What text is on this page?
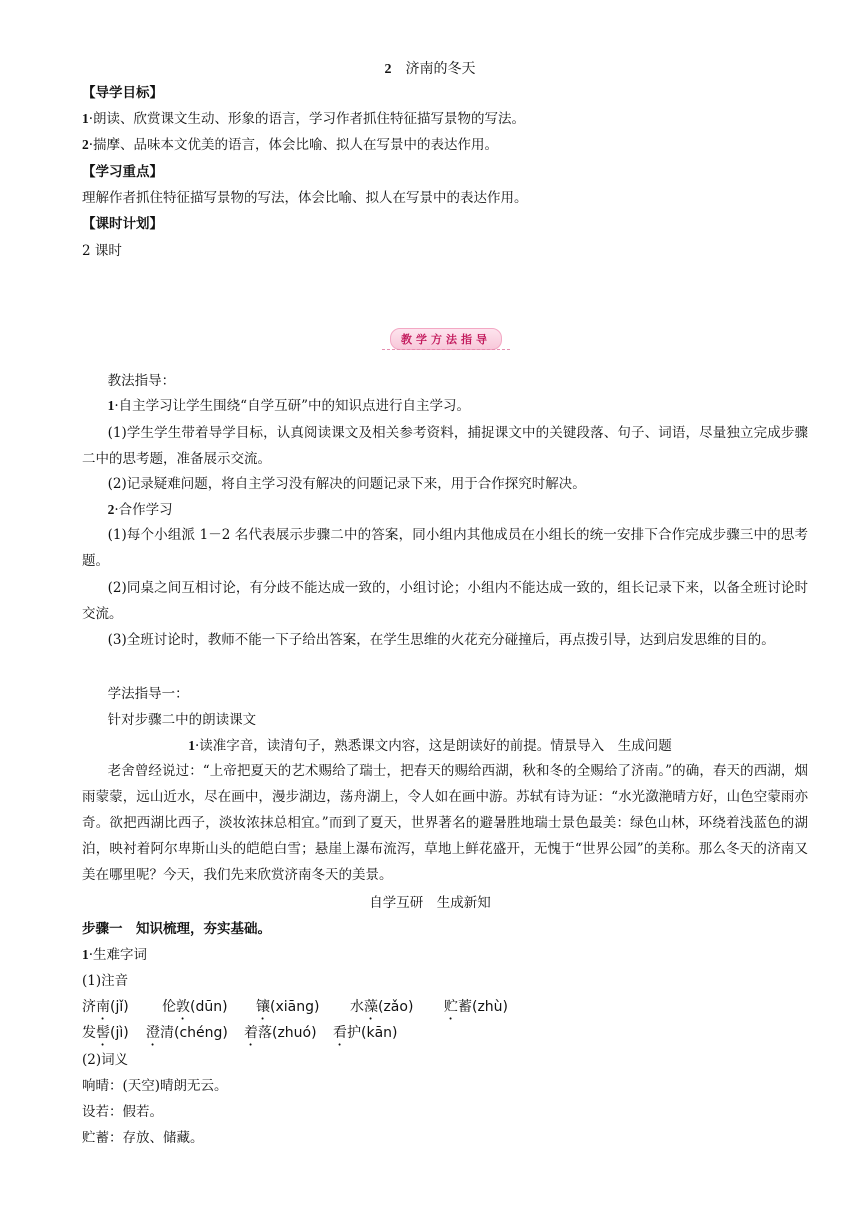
2 济南的冬天
【导学目标】
1·朗读、欣赏课文生动、形象的语言，学习作者抓住特征描写景物的写法。
2·揣摩、品味本文优美的语言，体会比喻、拟人在写景中的表达作用。
【学习重点】
理解作者抓住特征描写景物的写法，体会比喻、拟人在写景中的表达作用。
【课时计划】
2 课时
教学方法指导
教法指导：
1·自主学习让学生围绕“自学互研”中的知识点进行自主学习。
(1)学生学生带着导学目标，认真阅读课文及相关参考资料，捕捉课文中的关键段落、句子、词语，尽量独立完成步骤二中的思考题，准备展示交流。
(2)记录疑难问题，将自主学习没有解决的问题记录下来，用于合作探究时解决。
2·合作学习
(1)每个小组派 1－2 名代表展示步骤二中的答案，同小组内其他成员在小组长的统一安排下合作完成步骤三中的思考题。
(2)同桌之间互相讨论，有分歧不能达成一致的，小组讨论；小组内不能达成一致的，组长记录下来，以备全班讨论时交流。
(3)全班讨论时，教师不能一下子给出答案，在学生思维的火花充分碰撞后，再点拨引导，达到启发思维的目的。
学法指导一：
针对步骤二中的朗读课文
1·读准字音，读清句子，熟悉课文内容，这是朗读好的前提。情景导入　生成问题
老舍曾经说过：“上帝把夏天的艺术赐给了瑞士，把春天的赐给西湖，秋和冬的全赐给了济南。”的确，春天的西湖，烟雨蒙蒙，远山近水，尽在画中，漫步湖边，荡舟湖上，令人如在画中游。苏轼有诗为证：“水光潋滟晴方好，山色空蒙雨亦奇。欲把西湖比西子，淡妆浓抹总相宜。”而到了夏天，世界著名的避暑胜地瑞士景色最美：绿色山林，环绕着浅蓝色的湖泊，映衬着阿尔卑斯山头的皑皑白雪；悬崖上瀑布流泻，草地上鲜花盛开，无愧于“世界公园”的美称。那么冬天的济南又美在哪里呢？今天，我们先来欣赏济南冬天的美景。
自学互研　生成新知
步骤一　知识梳理，夯实基础。
1·生难字词
(1)注音
济南(jǐ) 伦敦(dūn) 镶(xiāng) 水藻(zǎo) 贮蓄(zhù)
发髻(jì) 澄清(chéng) 着落(zhuó) 看护(kān)
(2)词义
响晴：(天空)晴朗无云。
设若：假若。
贮蓄：存放、储藏。
